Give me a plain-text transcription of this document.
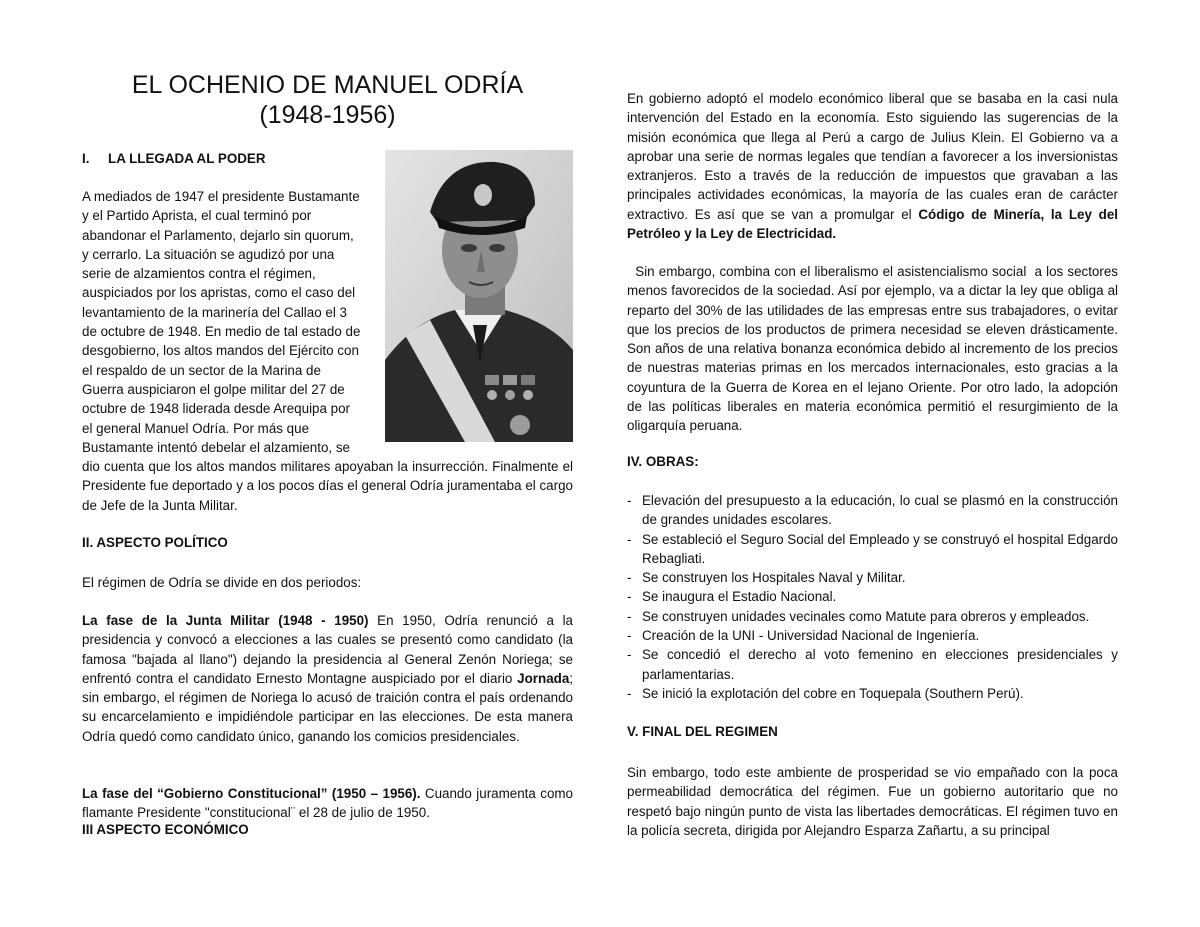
EL OCHENIO DE MANUEL ODRÍA
(1948-1956)

I.     LA LLEGADA AL PODER

A mediados de 1947 el presidente Bustamante
y el Partido Aprista, el cual terminó por
abandonar el Parlamento, dejarlo sin quorum,
y cerrarlo. La situación se agudizó por una
serie de alzamientos contra el régimen,
auspiciados por los apristas, como el caso del
levantamiento de la marinería del Callao el 3
de octubre de 1948. En medio de tal estado de
desgobierno, los altos mandos del Ejército con
el respaldo de un sector de la Marina de
Guerra auspiciaron el golpe militar del 27 de
octubre de 1948 liderada desde Arequipa por
el general Manuel Odría. Por más que
Bustamante intentó debelar el alzamiento, se

dio cuenta que los altos mandos militares apoyaban la insurrección. Finalmente el Presidente fue deportado y a los pocos días el general Odría juramentaba el cargo de Jefe de la Junta Militar.

II. ASPECTO POLÍTICO

El régimen de Odría se divide en dos periodos:

La fase de la Junta Militar (1948 - 1950) En 1950, Odría renunció a la presidencia y convocó a elecciones a las cuales se presentó como candidato (la famosa "bajada al llano") dejando la presidencia al General Zenón Noriega; se enfrentó contra el candidato Ernesto Montagne auspiciado por el diario Jornada; sin embargo, el régimen de Noriega lo acusó de traición contra el país ordenando su encarcelamiento e impidiéndole participar en las elecciones. De esta manera Odría quedó como candidato único, ganando los comicios presidenciales.

La fase del “Gobierno Constitucional” (1950 – 1956). Cuando juramenta como flamante Presidente "constitucional¨ el 28 de julio de 1950.

III ASPECTO ECONÓMICO

En gobierno adoptó el modelo económico liberal que se basaba en la casi nula intervención del Estado en la economía. Esto siguiendo las sugerencias de la misión económica que llega al Perú a cargo de Julius Klein. El Gobierno va a aprobar una serie de normas legales que tendían a favorecer a los inversionistas extranjeros. Esto a través de la reducción de impuestos que gravaban a las principales actividades económicas, la mayoría de las cuales eran de carácter extractivo. Es así que se van a promulgar el Código de Minería, la Ley del Petróleo y la Ley de Electricidad.

Sin embargo, combina con el liberalismo el asistencialismo social  a los sectores menos favorecidos de la sociedad. Así por ejemplo, va a dictar la ley que obliga al reparto del 30% de las utilidades de las empresas entre sus trabajadores, o evitar que los precios de los productos de primera necesidad se eleven drásticamente. Son años de una relativa bonanza económica debido al incremento de los precios de nuestras materias primas en los mercados internacionales, esto gracias a la coyuntura de la Guerra de Korea en el lejano Oriente. Por otro lado, la adopción de las políticas liberales en materia económica permitió el resurgimiento de la oligarquía peruana.

IV. OBRAS:

- Elevación del presupuesto a la educación, lo cual se plasmó en la construcción de grandes unidades escolares.
- Se estableció el Seguro Social del Empleado y se construyó el hospital Edgardo Rebagliati.
- Se construyen los Hospitales Naval y Militar.
- Se inaugura el Estadio Nacional.
- Se construyen unidades vecinales como Matute para obreros y empleados.
- Creación de la UNI - Universidad Nacional de Ingeniería.
- Se concedió el derecho al voto femenino en elecciones presidenciales y parlamentarias.
- Se inició la explotación del cobre en Toquepala (Southern Perú).

V. FINAL DEL REGIMEN

Sin embargo, todo este ambiente de prosperidad se vio empañado con la poca permeabilidad democrática del régimen. Fue un gobierno autoritario que no respetó bajo ningún punto de vista las libertades democráticas. El régimen tuvo en la policía secreta, dirigida por Alejandro Esparza Zañartu, a su principal
